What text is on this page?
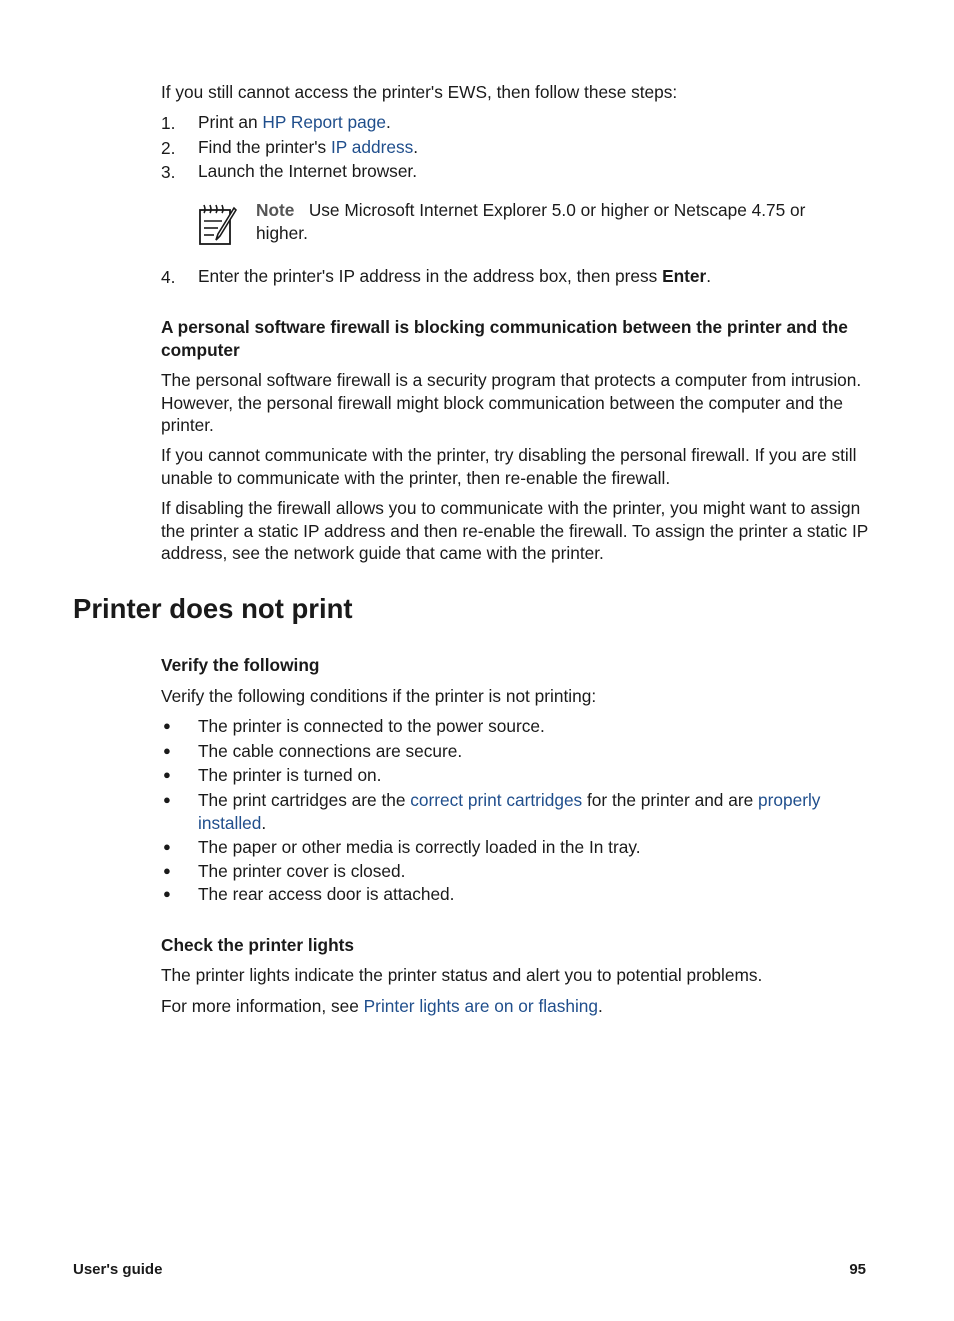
If you still cannot access the printer's EWS, then follow these steps:
1. Print an HP Report page.
2. Find the printer's IP address.
3. Launch the Internet browser.
Note Use Microsoft Internet Explorer 5.0 or higher or Netscape 4.75 or higher.
4. Enter the printer's IP address in the address box, then press Enter.
A personal software firewall is blocking communication between the printer and the computer
The personal software firewall is a security program that protects a computer from intrusion. However, the personal firewall might block communication between the computer and the printer.
If you cannot communicate with the printer, try disabling the personal firewall. If you are still unable to communicate with the printer, then re-enable the firewall.
If disabling the firewall allows you to communicate with the printer, you might want to assign the printer a static IP address and then re-enable the firewall. To assign the printer a static IP address, see the network guide that came with the printer.
Printer does not print
Verify the following
Verify the following conditions if the printer is not printing:
● The printer is connected to the power source.
● The cable connections are secure.
● The printer is turned on.
● The print cartridges are the correct print cartridges for the printer and are properly
installed.
● The paper or other media is correctly loaded in the In tray.
● The printer cover is closed.
● The rear access door is attached.
Check the printer lights
The printer lights indicate the printer status and alert you to potential problems.
For more information, see Printer lights are on or flashing.
User's guide	95
